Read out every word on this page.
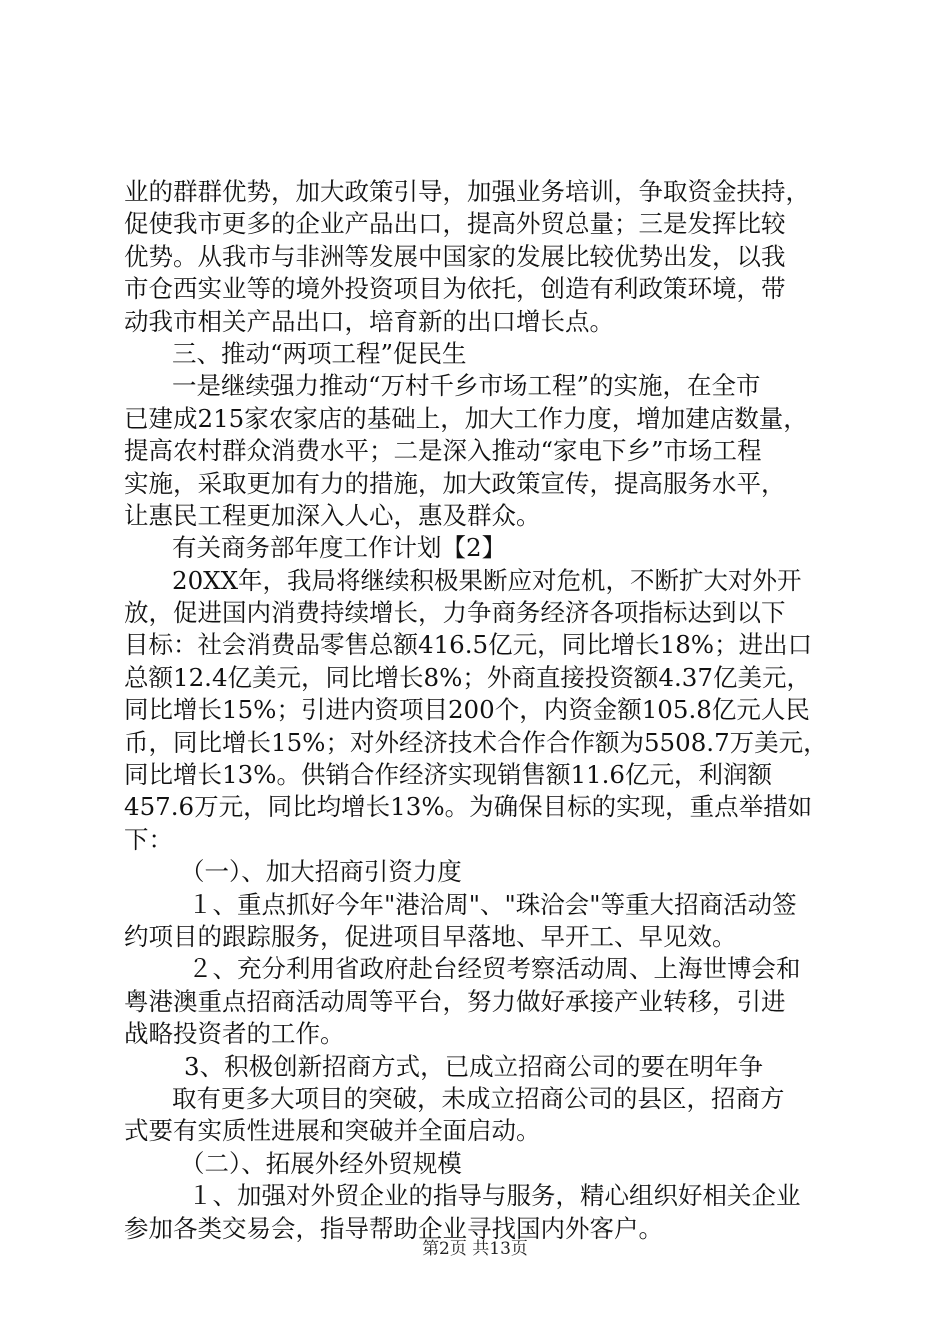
业的群群优势，加大政策引导，加强业务培训，争取资金扶持，
促使我市更多的企业产品出口，提高外贸总量；三是发挥比较
优势。从我市与非洲等发展中国家的发展比较优势出发，以我
市仓西实业等的境外投资项目为依托，创造有利政策环境，带
动我市相关产品出口，培育新的出口增长点。
三、推动“两项工程”促民生
一是继续强力推动“万村千乡市场工程”的实施，在全市
已建成215家农家店的基础上，加大工作力度，增加建店数量，
提高农村群众消费水平；二是深入推动“家电下乡”市场工程
实施，采取更加有力的措施，加大政策宣传，提高服务水平，
让惠民工程更加深入人心，惠及群众。
有关商务部年度工作计划【2】
20XX年，我局将继续积极果断应对危机，不断扩大对外开
放，促进国内消费持续增长，力争商务经济各项指标达到以下
目标：社会消费品零售总额416.5亿元，同比增长18%；进出口
总额12.4亿美元，同比增长8%；外商直接投资额4.37亿美元，
同比增长15%；引进内资项目200个，内资金额105.8亿元人民
币，同比增长15%；对外经济技术合作合作额为5508.7万美元，
同比增长13%。供销合作经济实现销售额11.6亿元，利润额
457.6万元，同比均增长13%。为确保目标的实现，重点举措如
下：
（一）、加大招商引资力度
１、重点抓好今年"港洽周"、"珠洽会"等重大招商活动签
约项目的跟踪服务，促进项目早落地、早开工、早见效。
２、充分利用省政府赴台经贸考察活动周、上海世博会和
粤港澳重点招商活动周等平台，努力做好承接产业转移，引进
战略投资者的工作。
3、积极创新招商方式，已成立招商公司的要在明年争
取有更多大项目的突破，未成立招商公司的县区，招商方
式要有实质性进展和突破并全面启动。
（二）、拓展外经外贸规模
１、加强对外贸企业的指导与服务，精心组织好相关企业
参加各类交易会，指导帮助企业寻找国内外客户。
第2页 共13页
